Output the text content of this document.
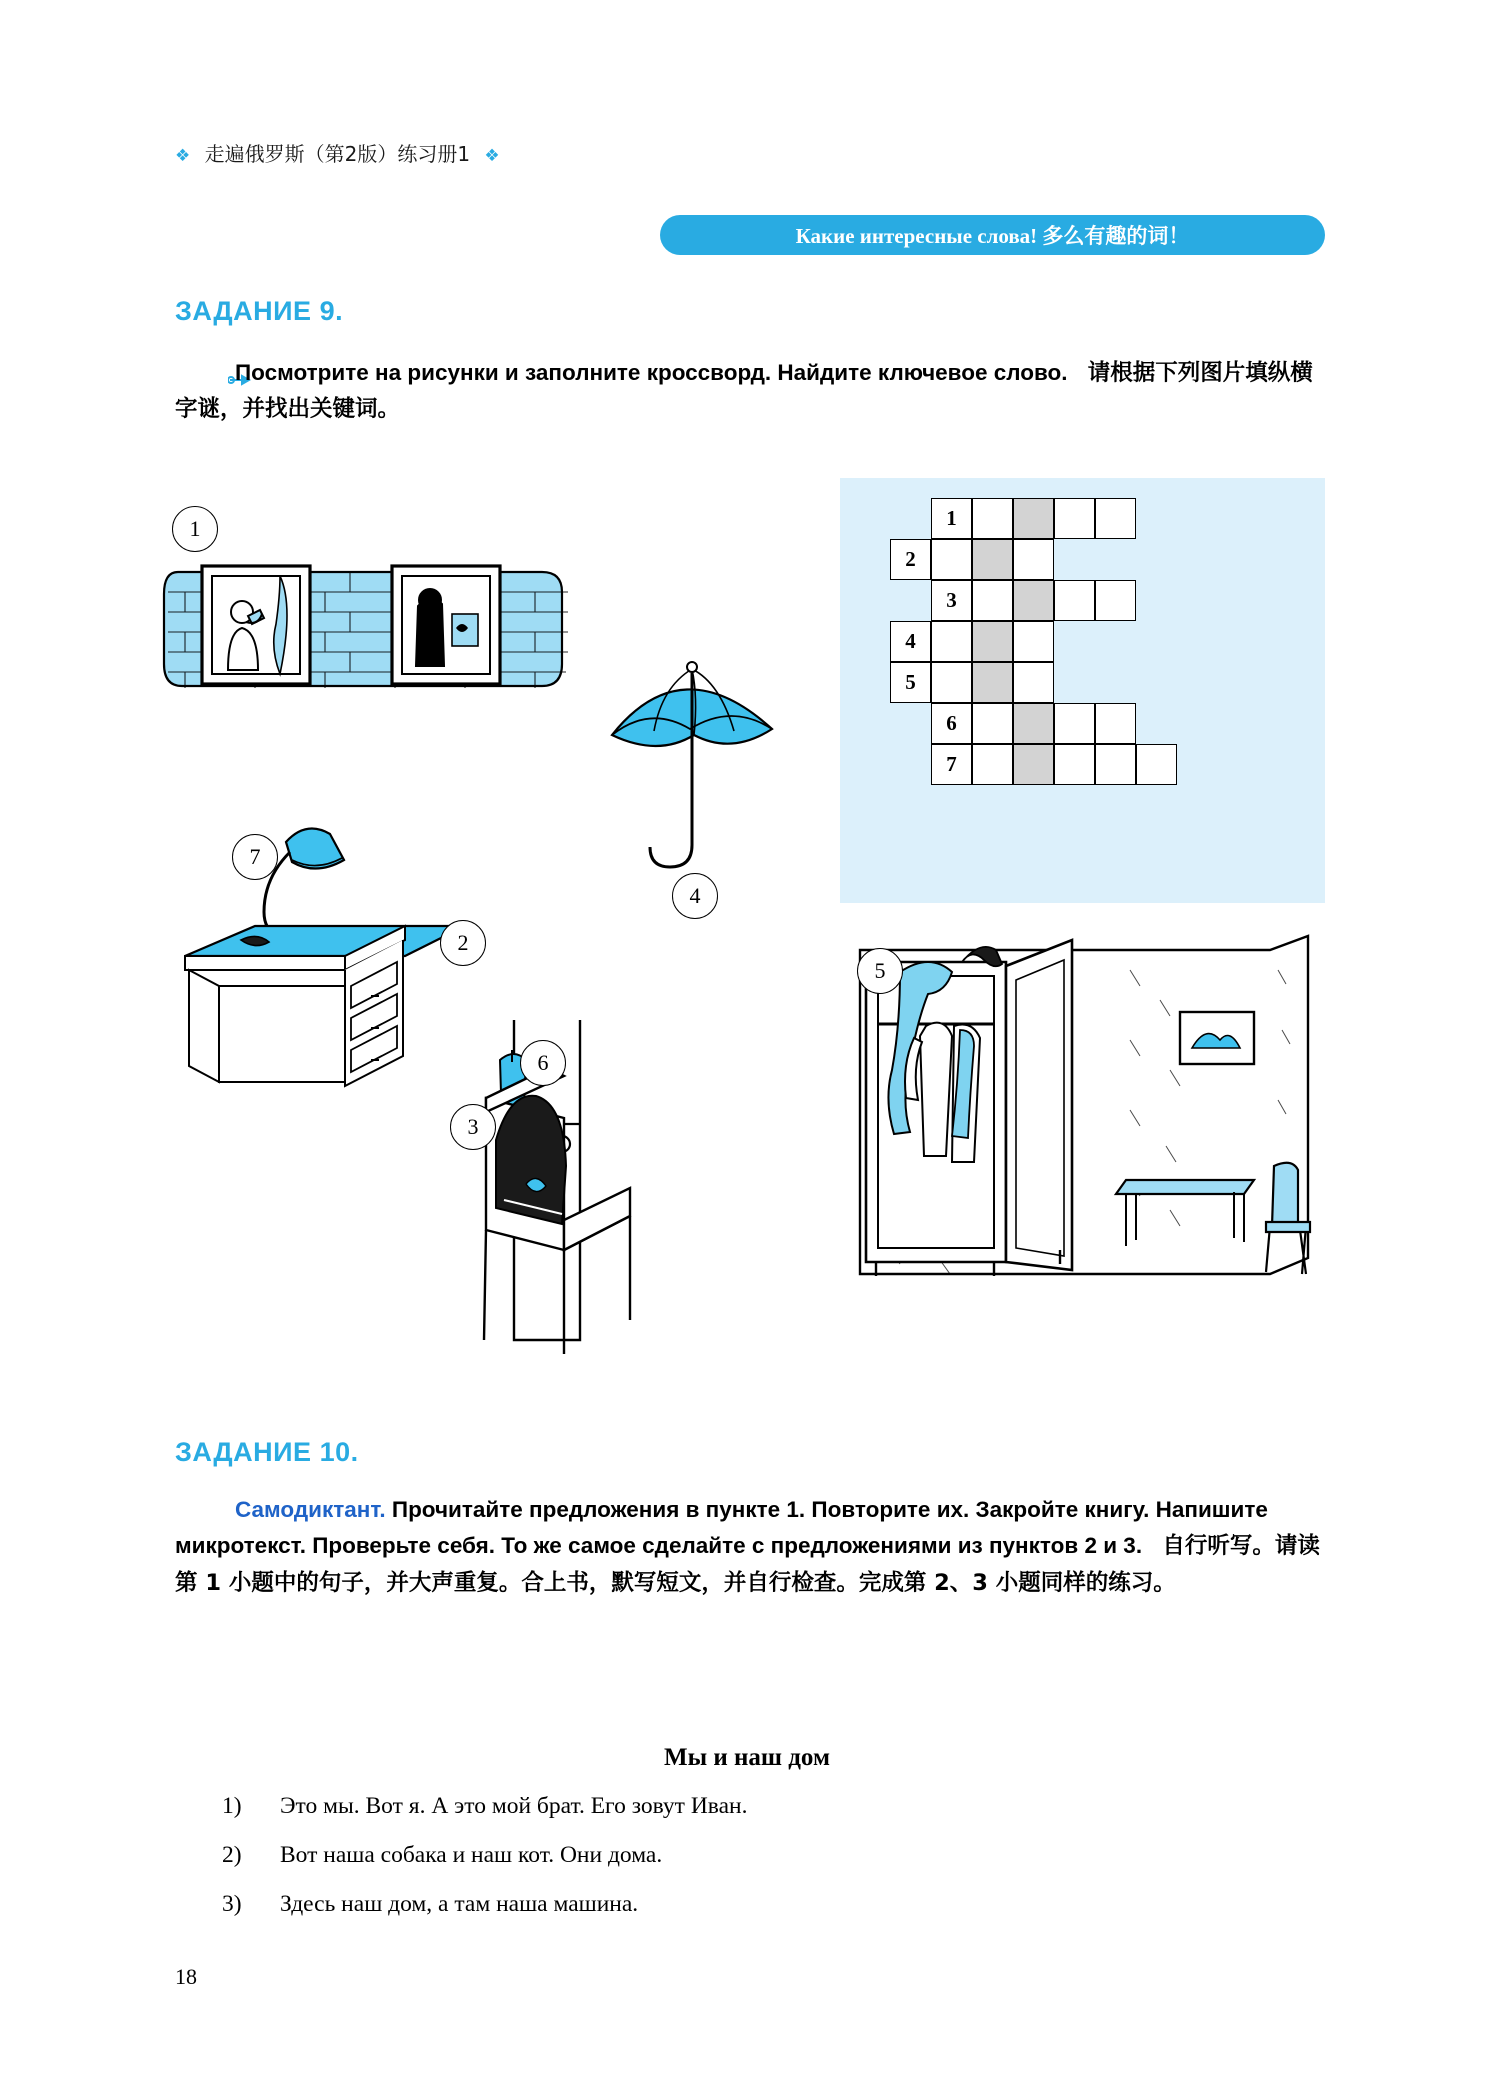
❖ 走遍俄罗斯（第2版）练习册1 ❖
Какие интересные слова! 多么有趣的词！
ЗАДАНИЕ 9.
Посмотрите на рисунки и заполните кроссворд. Найдите ключевое слово. 请根据下列图片填纵横字谜，并找出关键词。
1
2
3
4
5
6
7
1
4
7
2
6
3
5
ЗАДАНИЕ 10.
Самодиктант. Прочитайте предложения в пункте 1. Повторите их. Закройте книгу. Напишите микротекст. Проверьте себя. То же самое сделайте с предложениями из пунктов 2 и 3. 自行听写。请读第 1 小题中的句子，并大声重复。合上书，默写短文，并自行检查。完成第 2、3 小题同样的练习。
Мы и наш дом
1)	Это мы. Вот я. А это мой брат. Его зовут Иван.
2)	Вот наша собака и наш кот. Они дома.
3)	Здесь наш дом, а там наша машина.
18
